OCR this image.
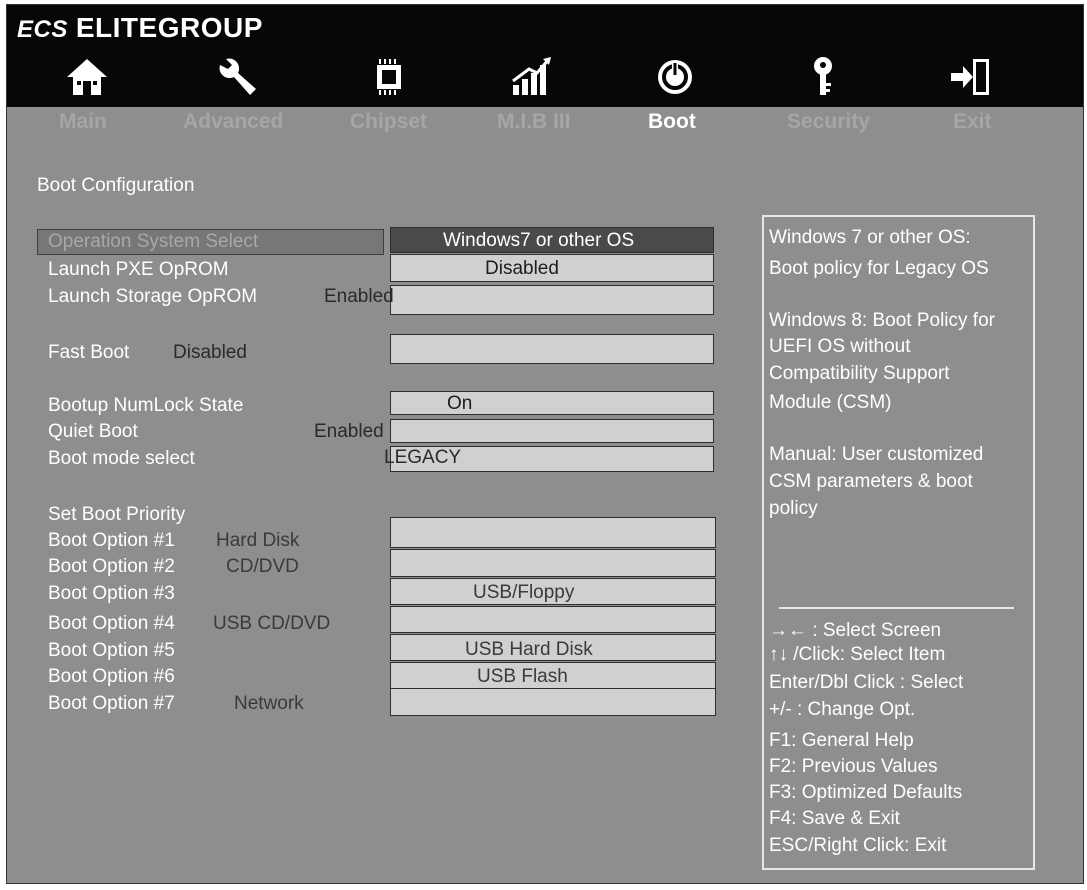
ECS ELITEGROUP
Main	Advanced	Chipset	M.I.B III	Boot	Security	Exit
Boot Configuration
Operation System Select	Windows7 or other OS
Launch PXE OpROM	Disabled
Launch Storage OpROM	Enabled
Fast Boot Disabled
Bootup NumLock State	On
Quiet Boot	Enabled
Boot mode select	LEGACY
Set Boot Priority
Boot Option #1 Hard Disk
Boot Option #2	CD/DVD
Boot Option #3	USB/Floppy
Boot Option #4 USB CD/DVD
Boot Option #5	USB Hard Disk
Boot Option #6	USB Flash
Boot Option #7	Network
Windows 7 or other OS:
Boot policy for Legacy OS
Windows 8: Boot Policy for
UEFI OS without
Compatibility Support
Module (CSM)
Manual: User customized
CSM parameters & boot
policy
→← : Select Screen
↑↓ /Click: Select Item
Enter/Dbl Click : Select
+/- : Change Opt.
F1: General Help
F2: Previous Values
F3: Optimized Defaults
F4: Save & Exit
ESC/Right Click: Exit
